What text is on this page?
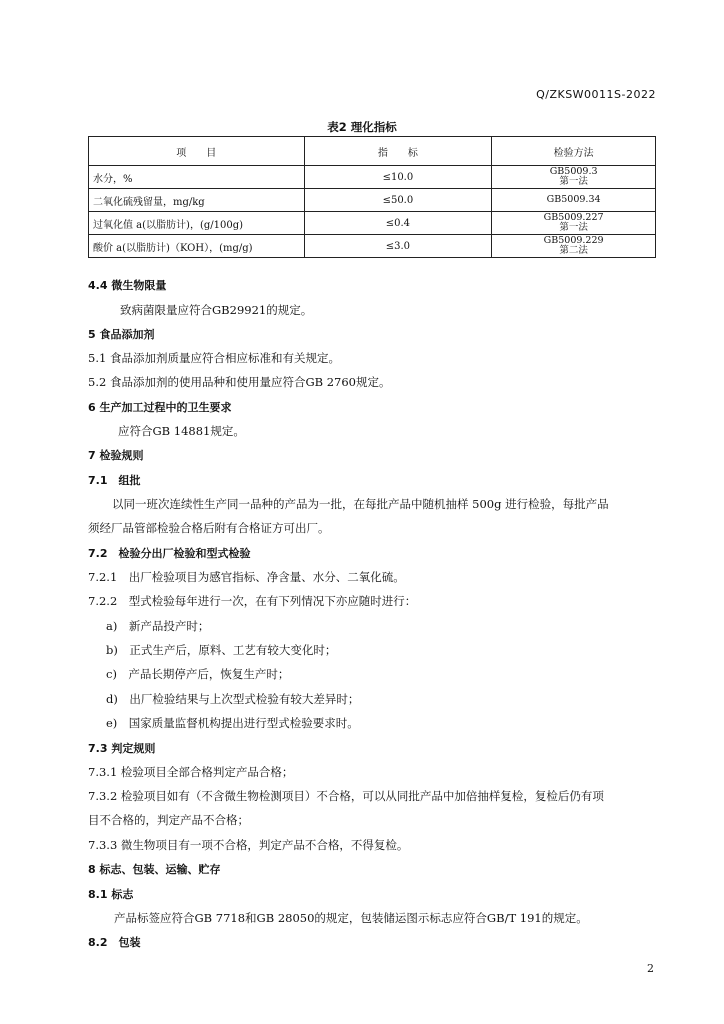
Q/ZKSW0011S-2022
表2 理化指标
项　　目	指　　标	检验方法
水分，%	≤10.0	GB5009.3
第一法

二氧化硫残留量，mg/kg	≤50.0	GB5009.34

过氧化值 a(以脂肪计)，(g/100g)	≤0.4	GB5009.227
第一法

酸价 a(以脂肪计)（KOH），(mg/g)	≤3.0	GB5009.229
第二法
4.4 微生物限量
致病菌限量应符合GB29921的规定。
5 食品添加剂
5.1 食品添加剂质量应符合相应标准和有关规定。
5.2 食品添加剂的使用品种和使用量应符合GB 2760规定。
6 生产加工过程中的卫生要求
应符合GB 14881规定。
7 检验规则
7.1　组批
以同一班次连续性生产同一品种的产品为一批，在每批产品中随机抽样 500g 进行检验，每批产品
须经厂品管部检验合格后附有合格证方可出厂。
7.2　检验分出厂检验和型式检验
7.2.1　出厂检验项目为感官指标、净含量、水分、二氧化硫。
7.2.2　型式检验每年进行一次，在有下列情况下亦应随时进行：
a)　新产品投产时；
b)　正式生产后，原料、工艺有较大变化时；
c)　产品长期停产后，恢复生产时；
d)　出厂检验结果与上次型式检验有较大差异时；
e)　国家质量监督机构提出进行型式检验要求时。
7.3 判定规则
7.3.1 检验项目全部合格判定产品合格；
7.3.2 检验项目如有（不含微生物检测项目）不合格，可以从同批产品中加倍抽样复检，复检后仍有项
目不合格的，判定产品不合格；
7.3.3 微生物项目有一项不合格，判定产品不合格，不得复检。
8 标志、包装、运输、贮存
8.1 标志
产品标签应符合GB 7718和GB 28050的规定，包装储运图示标志应符合GB/T 191的规定。
8.2　包装
2
